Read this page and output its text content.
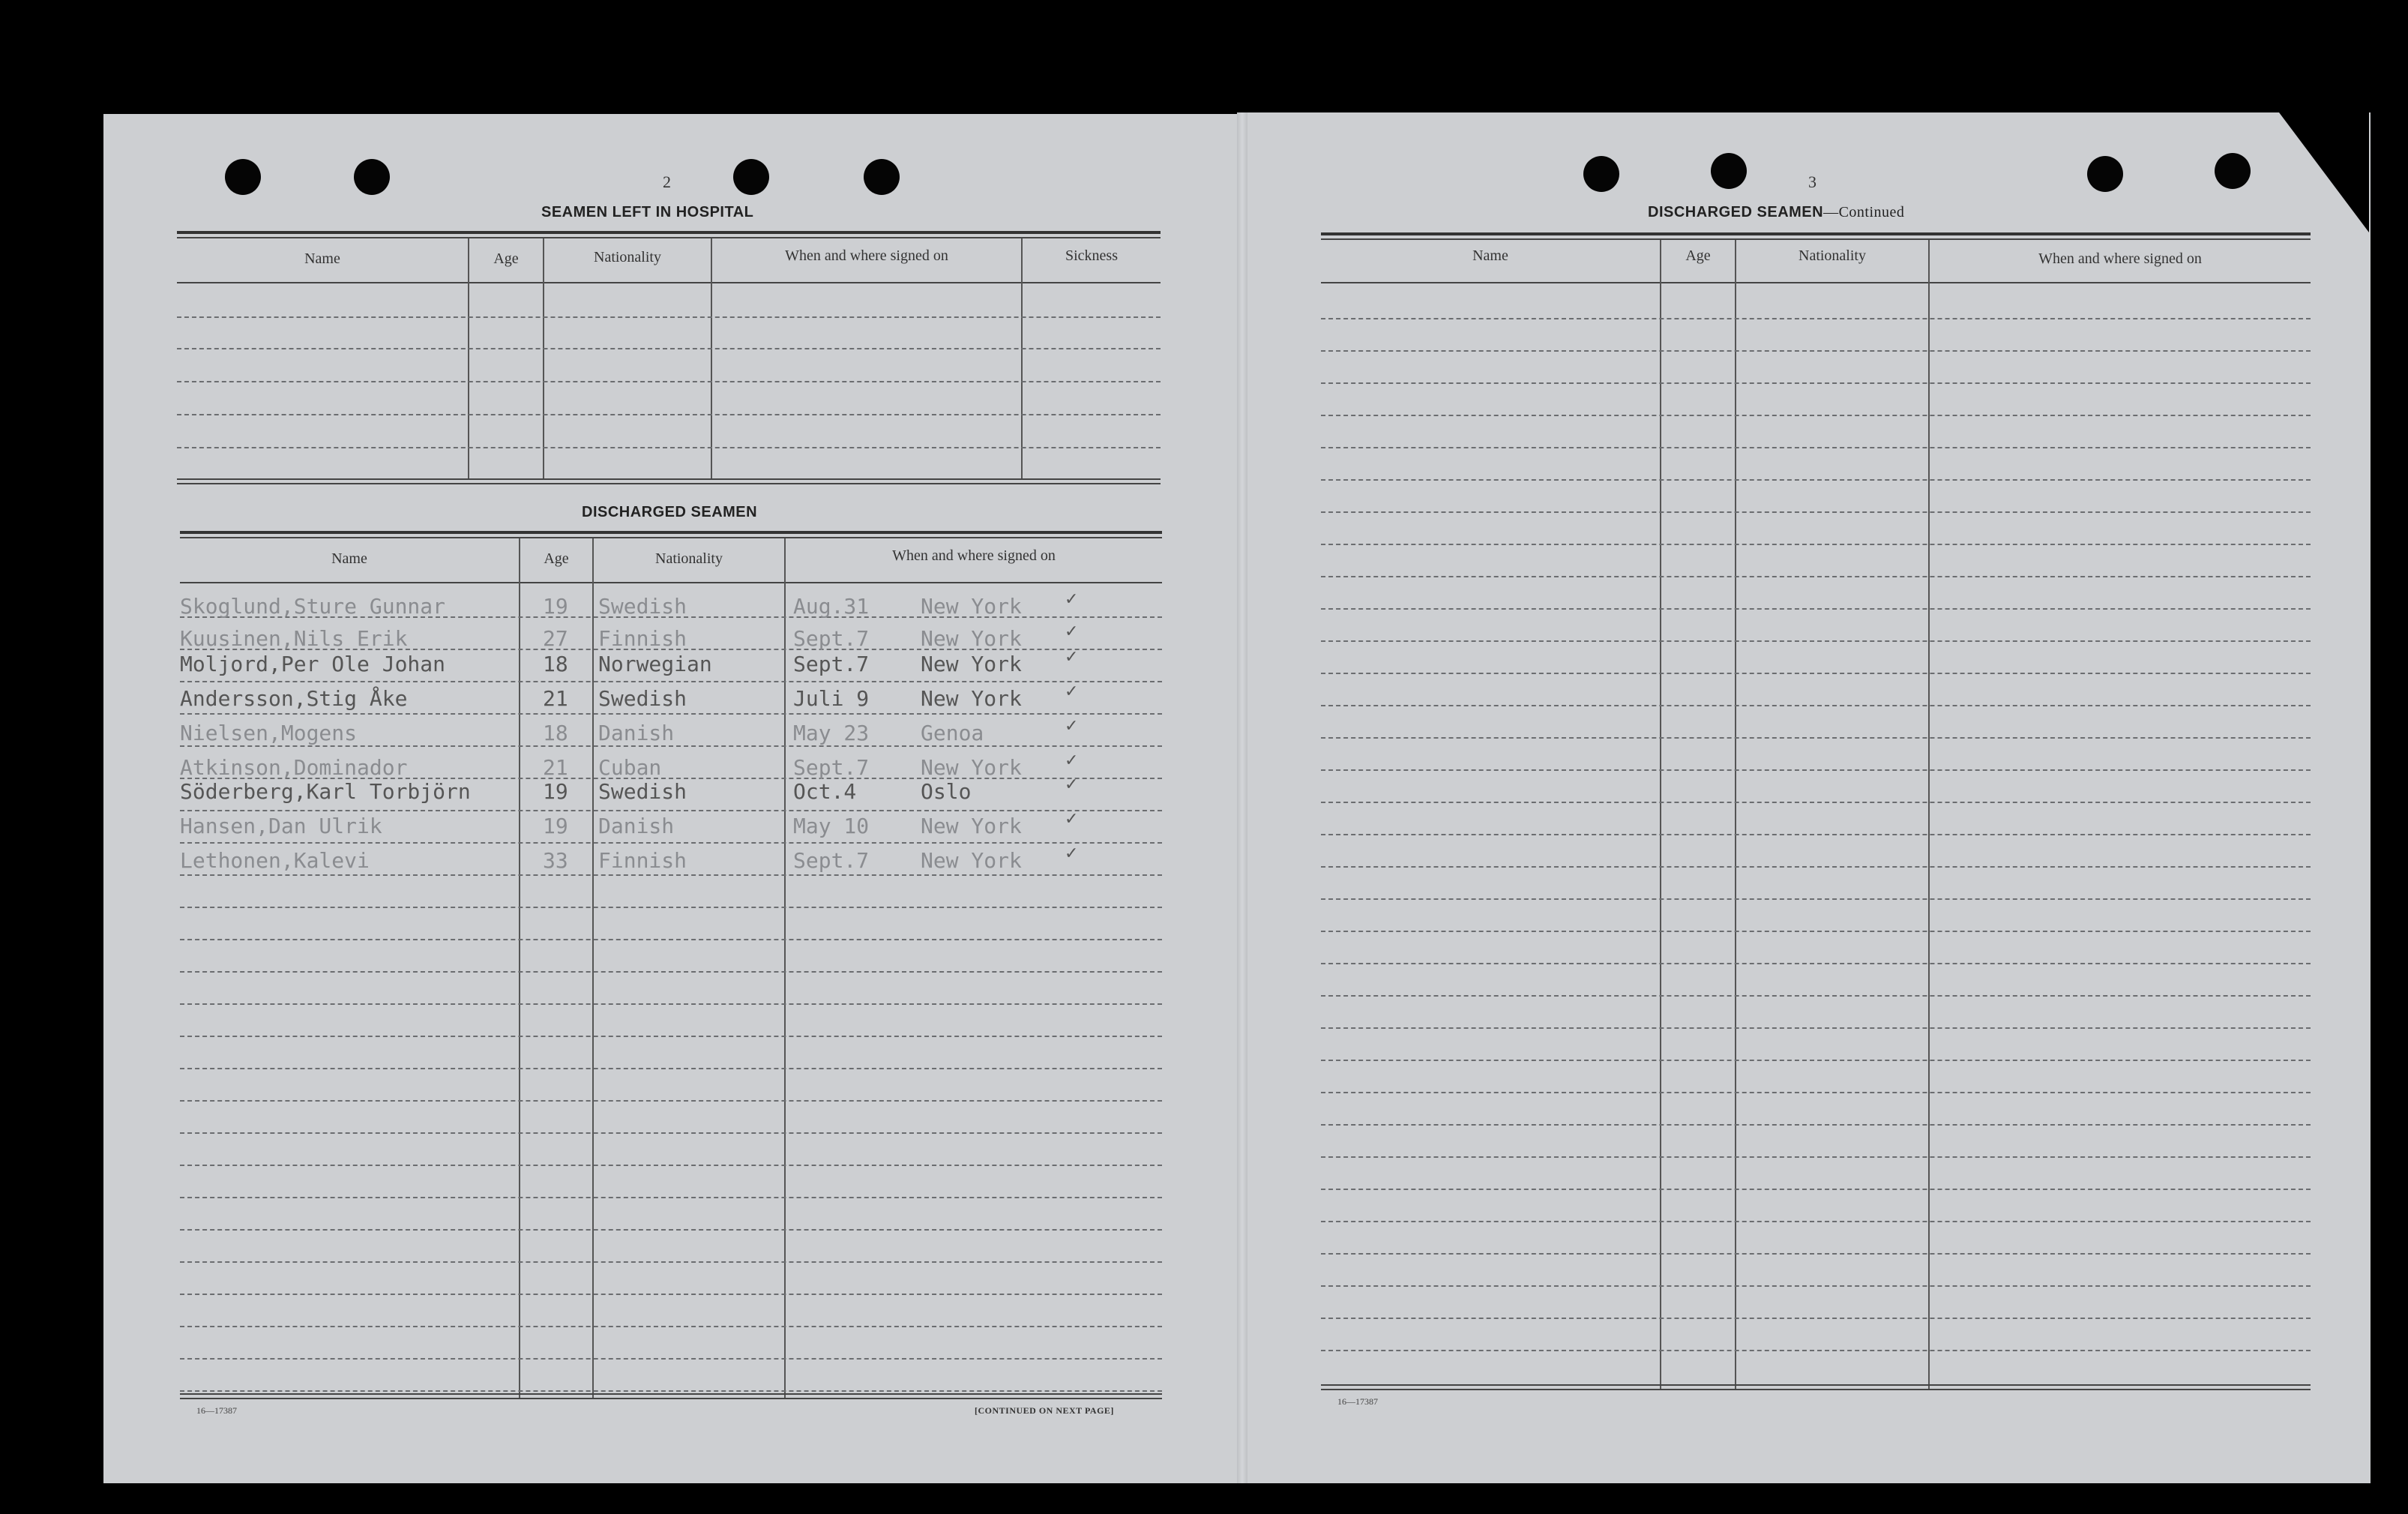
2
SEAMEN LEFT IN HOSPITAL
Name	Age	Nationality	When and where signed on	Sickness
DISCHARGED SEAMEN
Name	Age	Nationality	When and where signed on
Skoglund,Sture Gunnar	19 Swedish	Aug.31 New York	✓
Kuusinen,Nils Erik	27 Finnish	Sept.7 New York	✓
Moljord,Per Ole Johan	18 Norwegian	Sept.7 New York	✓
Andersson,Stig Åke	21 Swedish	Juli 9 New York	✓
Nielsen,Mogens	18 Danish	May 23 Genoa	✓
Atkinson,Dominador	21 Cuban	Sept.7 New York	✓
Söderberg,Karl Torbjörn	19 Swedish	Oct.4	Oslo	✓
Hansen,Dan Ulrik	19 Danish	May 10 New York	✓
Lethonen,Kalevi	33 Finnish	Sept.7 New York	✓
16—17387	[CONTINUED ON NEXT PAGE]
3
DISCHARGED SEAMEN—Continued
Name	Age	Nationality	When and where signed on
16—17387
